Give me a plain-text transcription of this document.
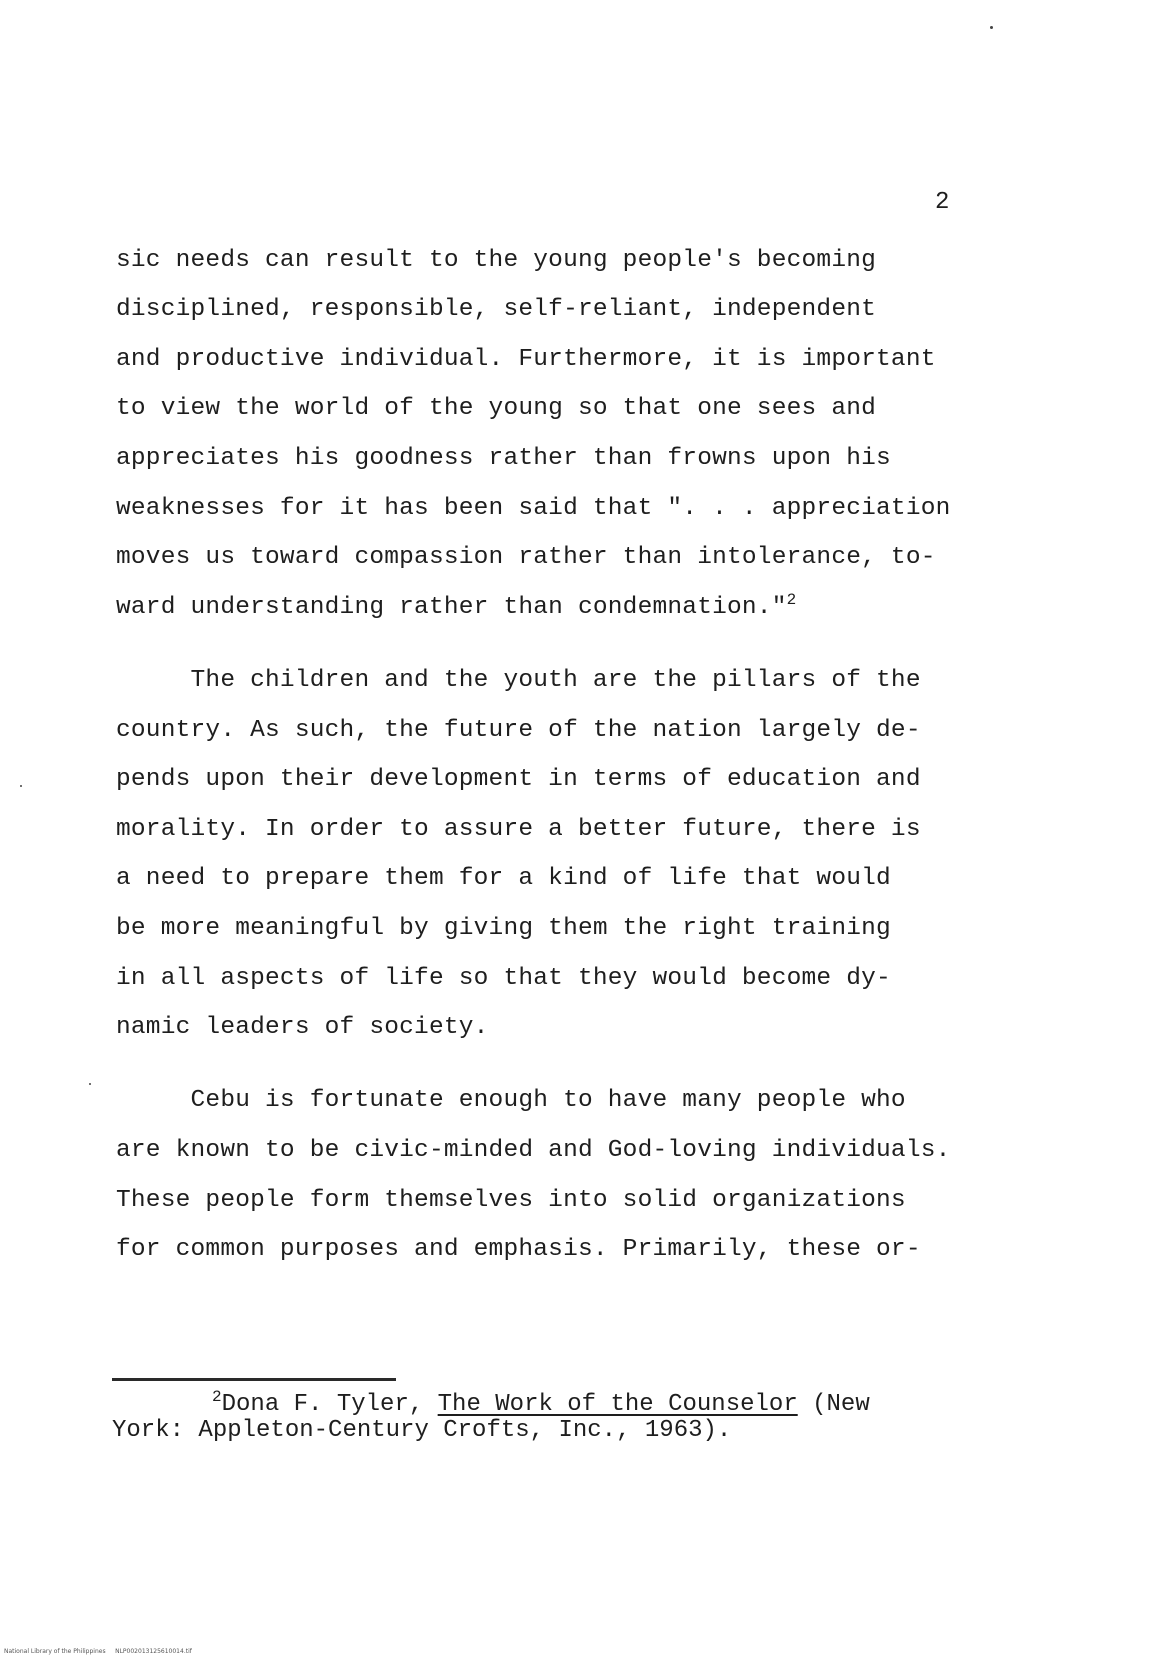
2
sic needs can result to the young people's becoming
disciplined, responsible, self-reliant, independent
and productive individual. Furthermore, it is important
to view the world of the young so that one sees and
appreciates his goodness rather than frowns upon his
weaknesses for it has been said that ". . . appreciation
moves us toward compassion rather than intolerance, to-
ward understanding rather than condemnation."$^2$
The children and the youth are the pillars of the
country. As such, the future of the nation largely de-
pends upon their development in terms of education and
morality. In order to assure a better future, there is
a need to prepare them for a kind of life that would
be more meaningful by giving them the right training
in all aspects of life so that they would become dy-
namic leaders of society.
Cebu is fortunate enough to have many people who
are known to be civic-minded and God-loving individuals.
These people form themselves into solid organizations
for common purposes and emphasis. Primarily, these or-
$^2$Dona F. Tyler, The Work of the Counselor (New
York: Appleton-Century Crofts, Inc., 1963).
National Library of the Philippines     NLP002013125610014.tif
